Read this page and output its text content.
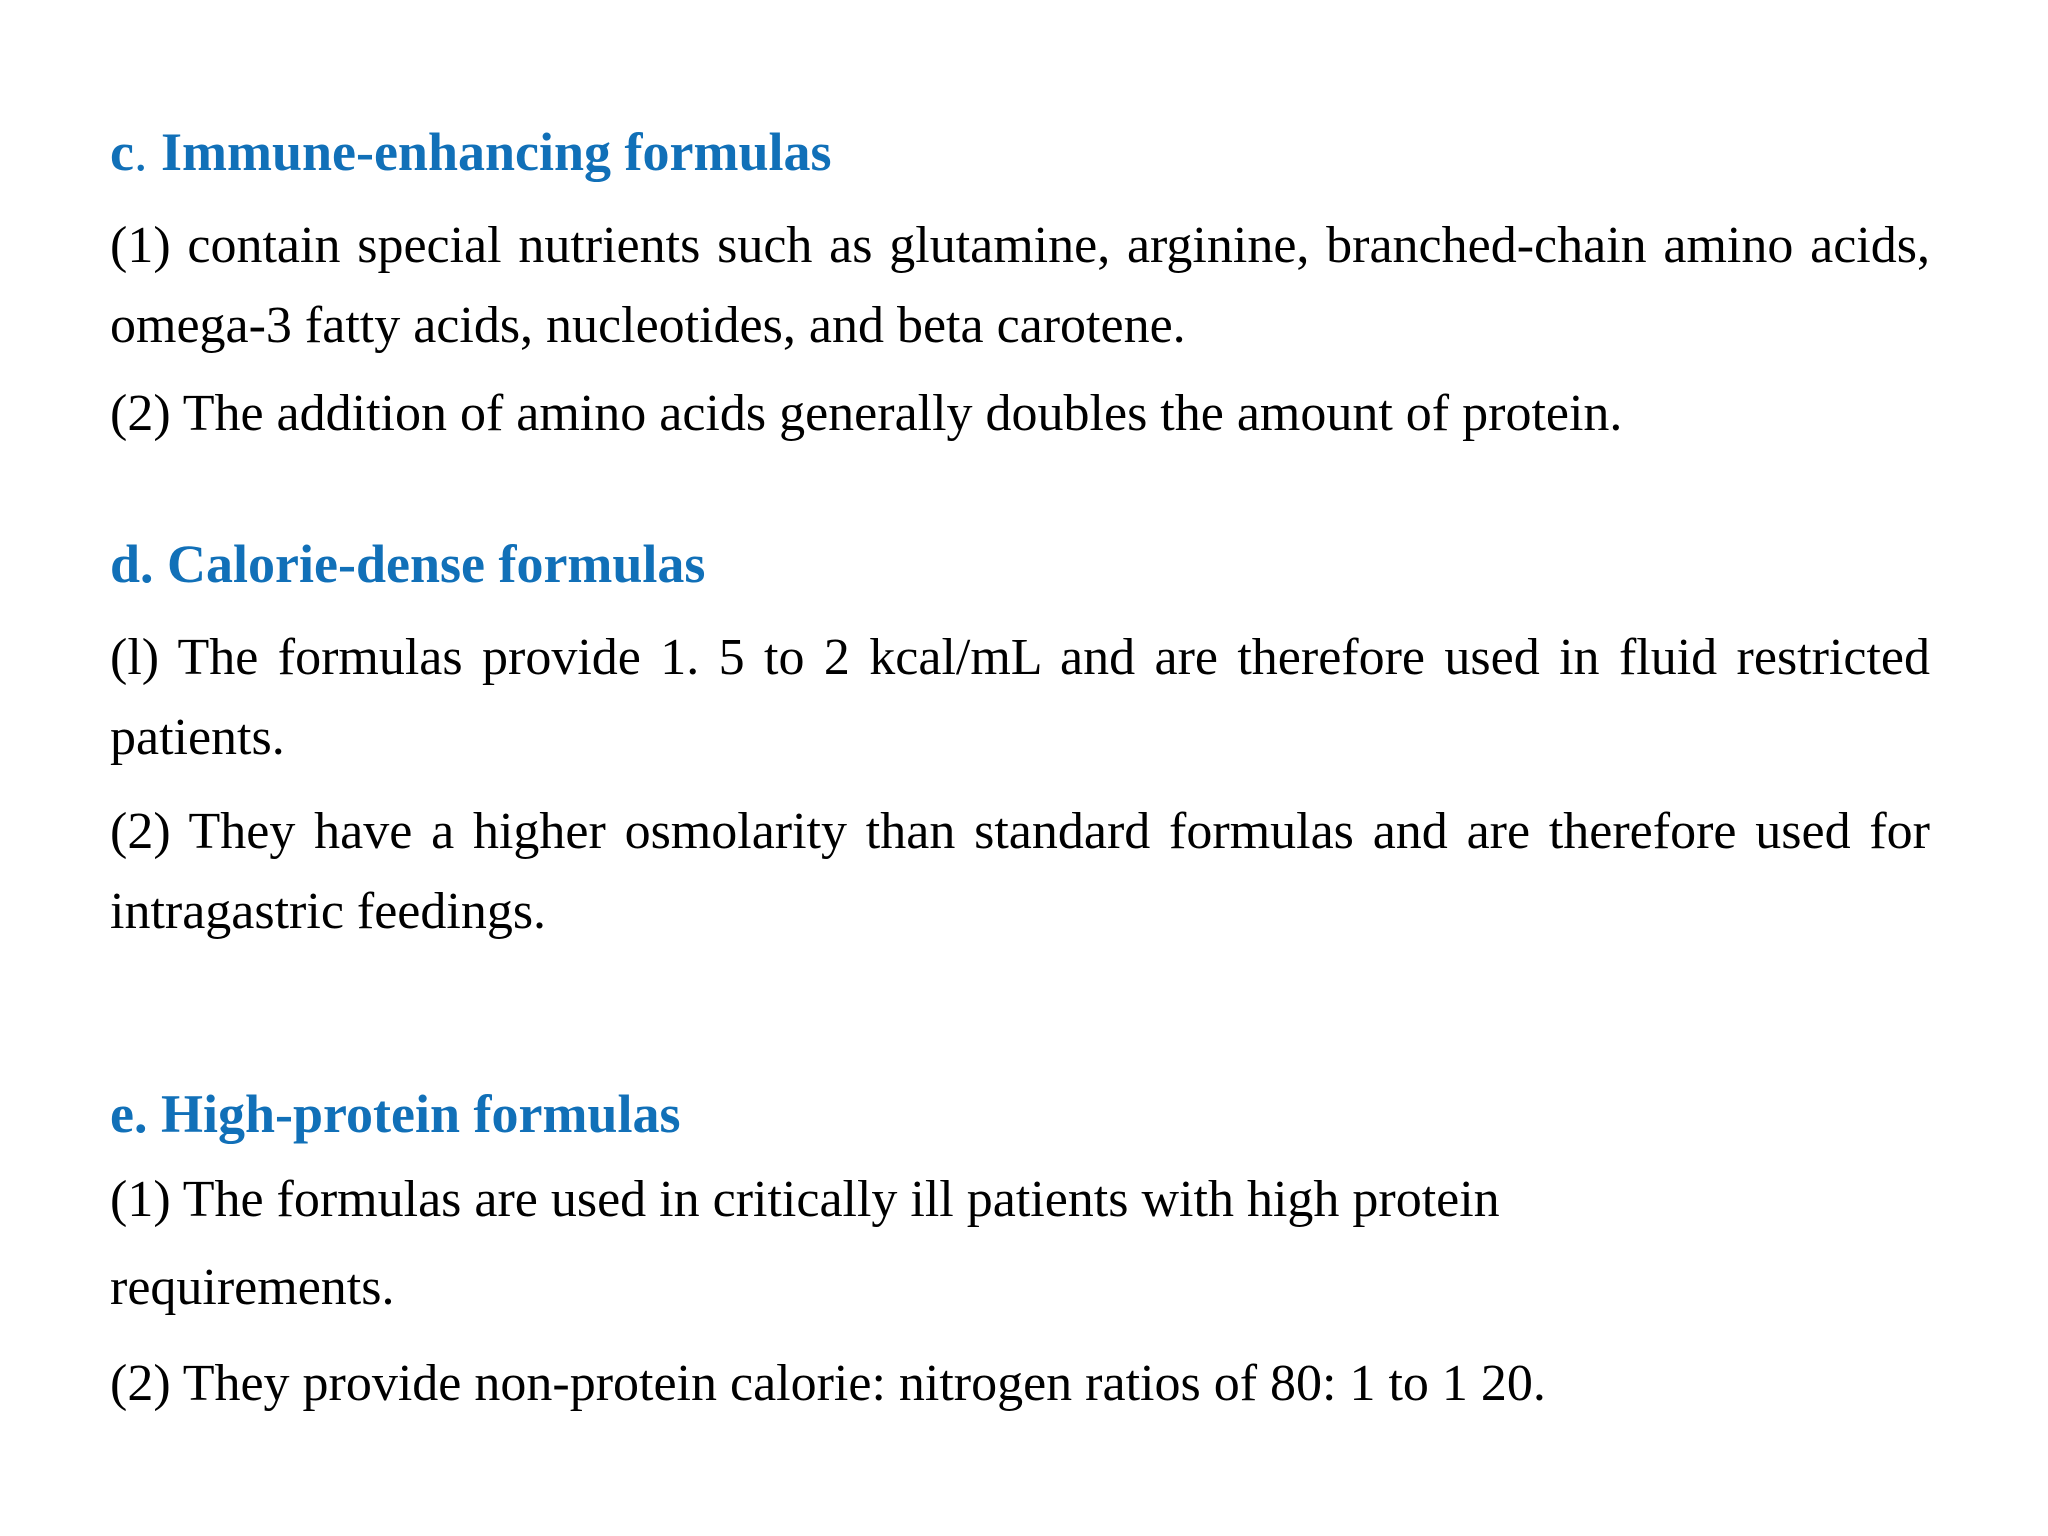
c. Immune-enhancing formulas

(1) contain special nutrients such as glutamine, arginine, branched-chain amino acids, omega-3 fatty acids, nucleotides, and beta carotene.

(2) The addition of amino acids generally doubles the amount of protein.

d. Calorie-dense formulas

(l) The formulas provide 1. 5 to 2 kcal/mL and are therefore used in fluid restricted patients.

(2) They have a higher osmolarity than standard formulas and are therefore used for intragastric feedings.

e. High-protein formulas

(1) The formulas are used in critically ill patients with high protein

requirements.

(2) They provide non-protein calorie: nitrogen ratios of 80: 1 to 1 20.
